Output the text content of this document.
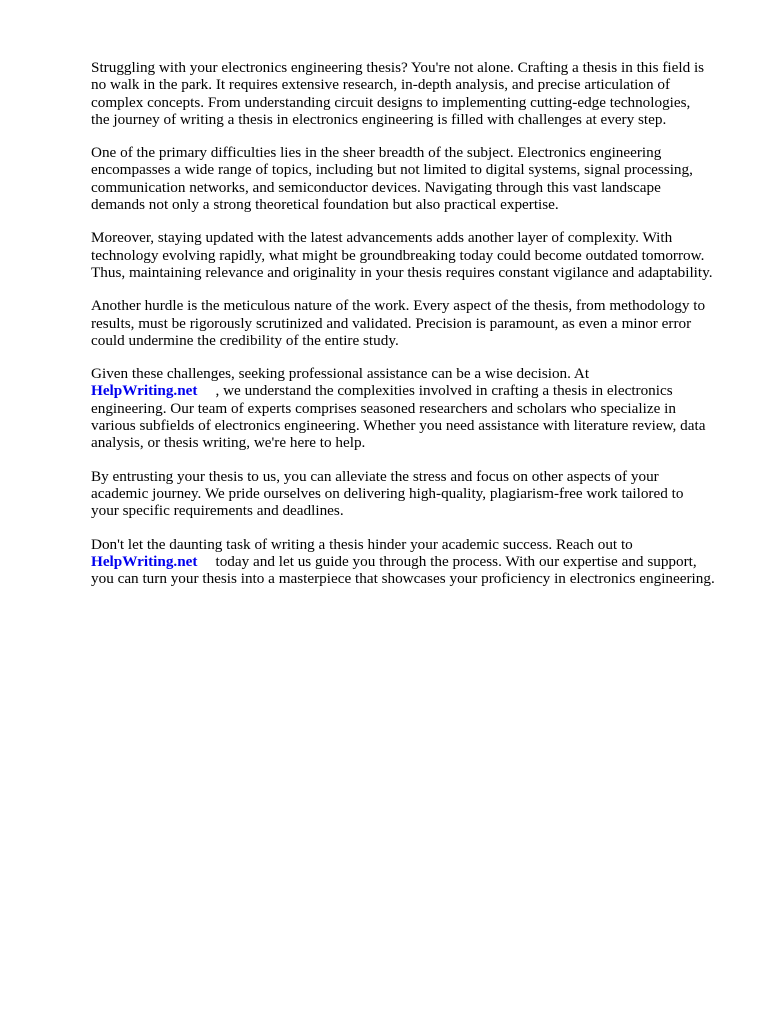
Struggling with your electronics engineering thesis? You're not alone. Crafting a thesis in this field is
no walk in the park. It requires extensive research, in-depth analysis, and precise articulation of
complex concepts. From understanding circuit designs to implementing cutting-edge technologies,
the journey of writing a thesis in electronics engineering is filled with challenges at every step.

One of the primary difficulties lies in the sheer breadth of the subject. Electronics engineering
encompasses a wide range of topics, including but not limited to digital systems, signal processing,
communication networks, and semiconductor devices. Navigating through this vast landscape
demands not only a strong theoretical foundation but also practical expertise.

Moreover, staying updated with the latest advancements adds another layer of complexity. With
technology evolving rapidly, what might be groundbreaking today could become outdated tomorrow.
Thus, maintaining relevance and originality in your thesis requires constant vigilance and adaptability.

Another hurdle is the meticulous nature of the work. Every aspect of the thesis, from methodology to
results, must be rigorously scrutinized and validated. Precision is paramount, as even a minor error
could undermine the credibility of the entire study.

Given these challenges, seeking professional assistance can be a wise decision. At
HelpWriting.net , we understand the complexities involved in crafting a thesis in electronics
engineering. Our team of experts comprises seasoned researchers and scholars who specialize in
various subfields of electronics engineering. Whether you need assistance with literature review, data
analysis, or thesis writing, we're here to help.

By entrusting your thesis to us, you can alleviate the stress and focus on other aspects of your
academic journey. We pride ourselves on delivering high-quality, plagiarism-free work tailored to
your specific requirements and deadlines.

Don't let the daunting task of writing a thesis hinder your academic success. Reach out to
HelpWriting.net today and let us guide you through the process. With our expertise and support,
you can turn your thesis into a masterpiece that showcases your proficiency in electronics engineering.
